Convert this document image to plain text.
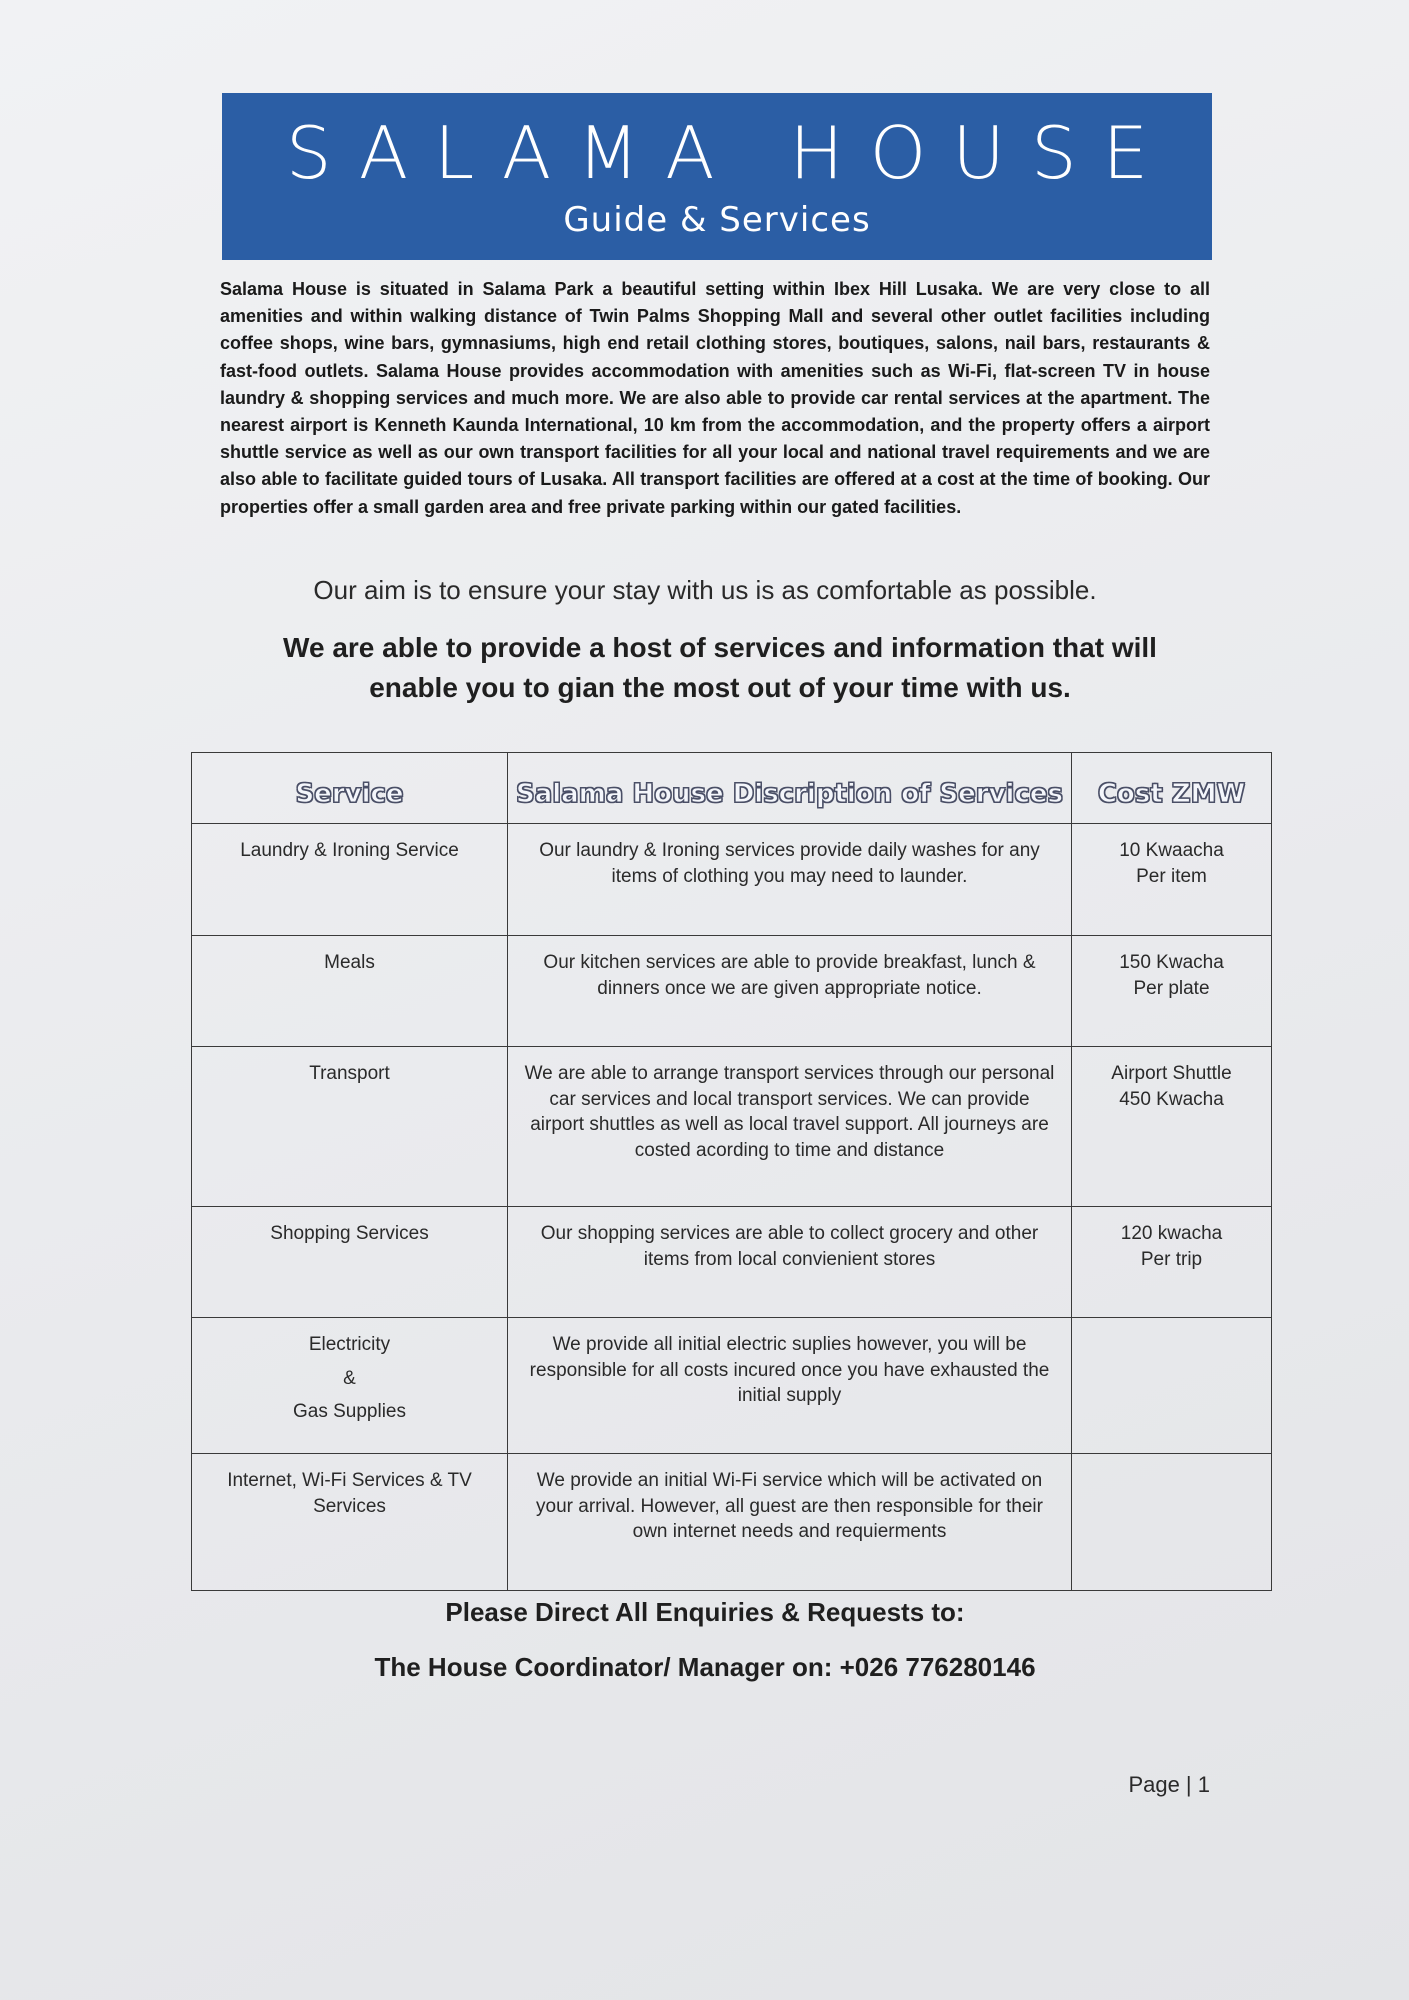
SALAMA HOUSE
Guide & Services

Salama House is situated in Salama Park a beautiful setting within Ibex Hill Lusaka. We are very close to all amenities and within walking distance of Twin Palms Shopping Mall and several other outlet facilities including coffee shops, wine bars, gymnasiums, high end retail clothing stores, boutiques, salons, nail bars, restaurants & fast-food outlets. Salama House provides accommodation with amenities such as Wi-Fi, flat-screen TV in house laundry & shopping services and much more. We are also able to provide car rental services at the apartment. The nearest airport is Kenneth Kaunda International, 10 km from the accommodation, and the property offers a airport shuttle service as well as our own transport facilities for all your local and national travel requirements and we are also able to facilitate guided tours of Lusaka. All transport facilities are offered at a cost at the time of booking. Our properties offer a small garden area and free private parking within our gated facilities.

Our aim is to ensure your stay with us is as comfortable as possible.

We are able to provide a host of services and information that will enable you to gian the most out of your time with us.

Service	Salama House Discription of Services	Cost ZMW
Laundry & Ironing Service	Our laundry & Ironing services provide daily washes for any items of clothing you may need to launder.	10 Kwaacha
Per item

Meals	Our kitchen services are able to provide breakfast, lunch & dinners once we are given appropriate notice.	150 Kwacha
Per plate

Transport	We are able to arrange transport services through our personal car services and local transport services. We can provide airport shuttles as well as local travel support. All journeys are costed acording to time and distance	Airport Shuttle
450 Kwacha

Shopping Services	Our shopping services are able to collect grocery and other items from local convienient stores	120 kwacha
Per trip

Electricity
&
Gas Supplies	We provide all initial electric suplies however, you will be responsible for all costs incured once you have exhausted the initial supply	
Internet, Wi-Fi Services & TV Services	We provide an initial Wi-Fi service which will be activated on your arrival. However, all guest are then responsible for their own internet needs and requierments	

Please Direct All Enquiries & Requests to:

The House Coordinator/ Manager on: +026 776280146

Page | 1
